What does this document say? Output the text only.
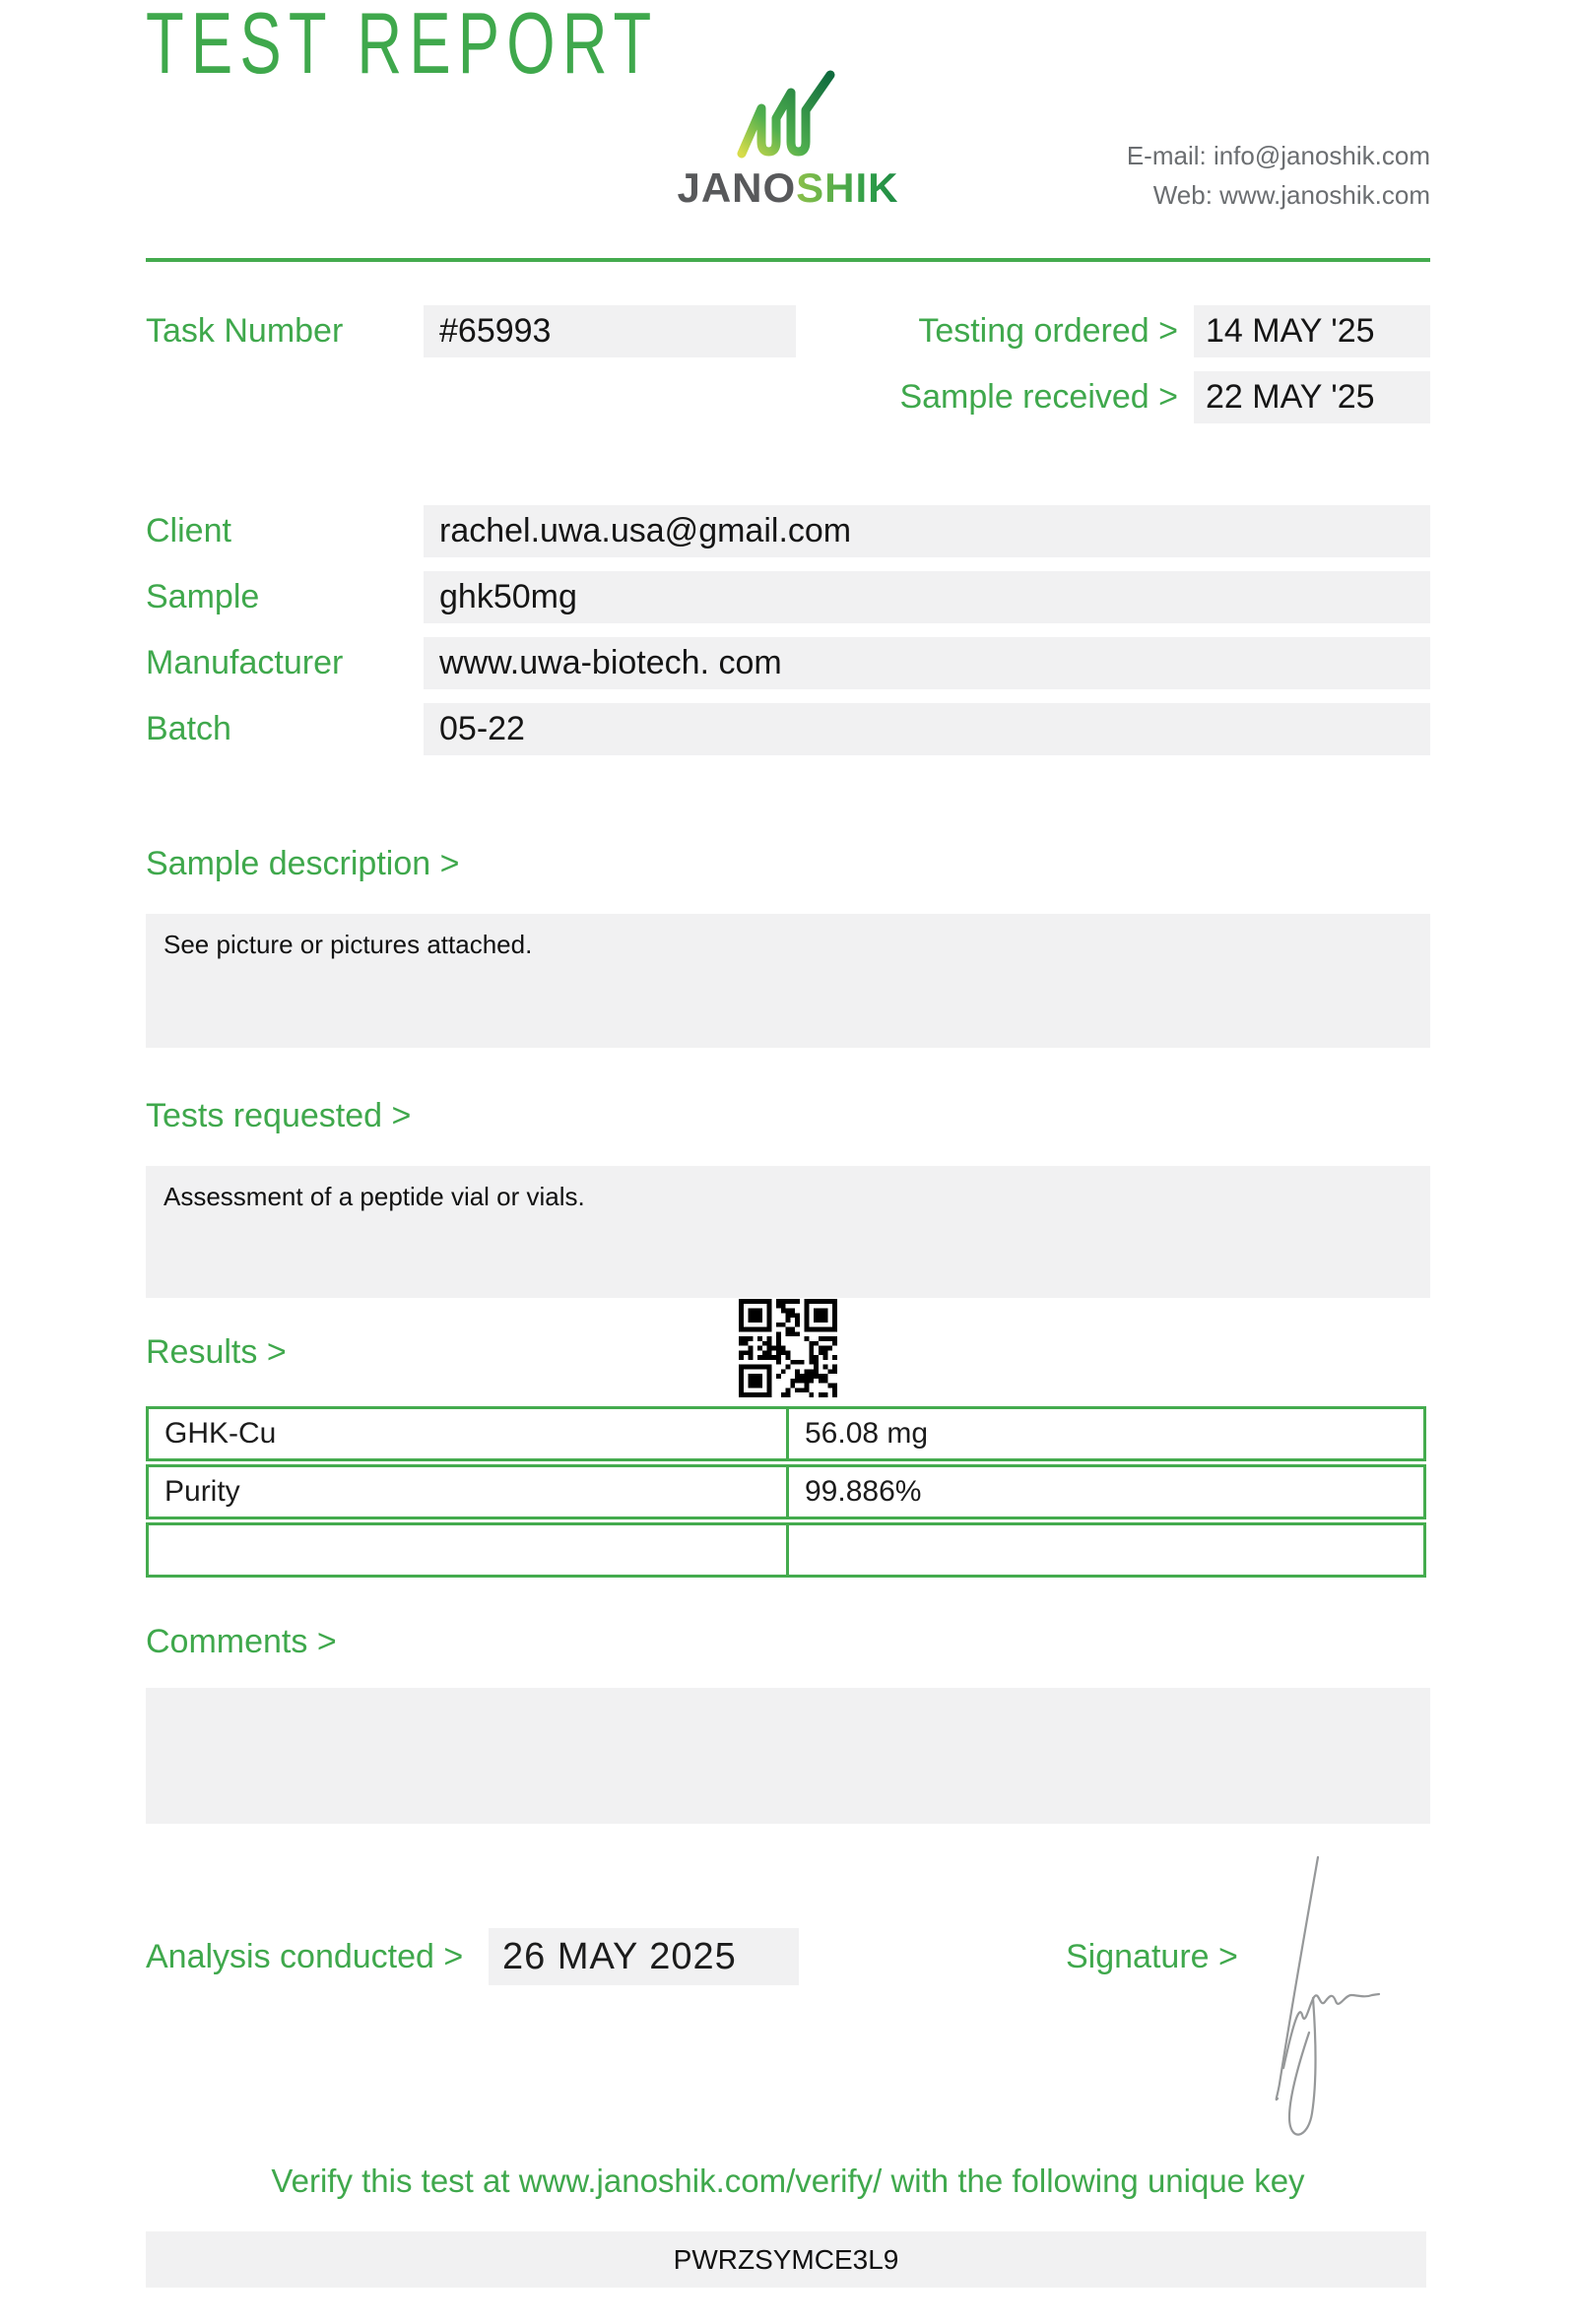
TEST REPORT
JANOSHIK
E-mail: info@janoshik.com
Web: www.janoshik.com
Task Number	#65993	Testing ordered > 14 MAY '25
Sample received > 22 MAY '25
Client	rachel.uwa.usa@gmail.com
Sample	ghk50mg
Manufacturer	www.uwa-biotech. com
Batch	05-22
Sample description >
See picture or pictures attached.
Tests requested >
Assessment of a peptide vial or vials.
Results >
GHK-Cu	56.08 mg
Purity	99.886%
Comments >
Analysis conducted >	26 MAY 2025	Signature >
Verify this test at www.janoshik.com/verify/ with the following unique key
PWRZSYMCE3L9
